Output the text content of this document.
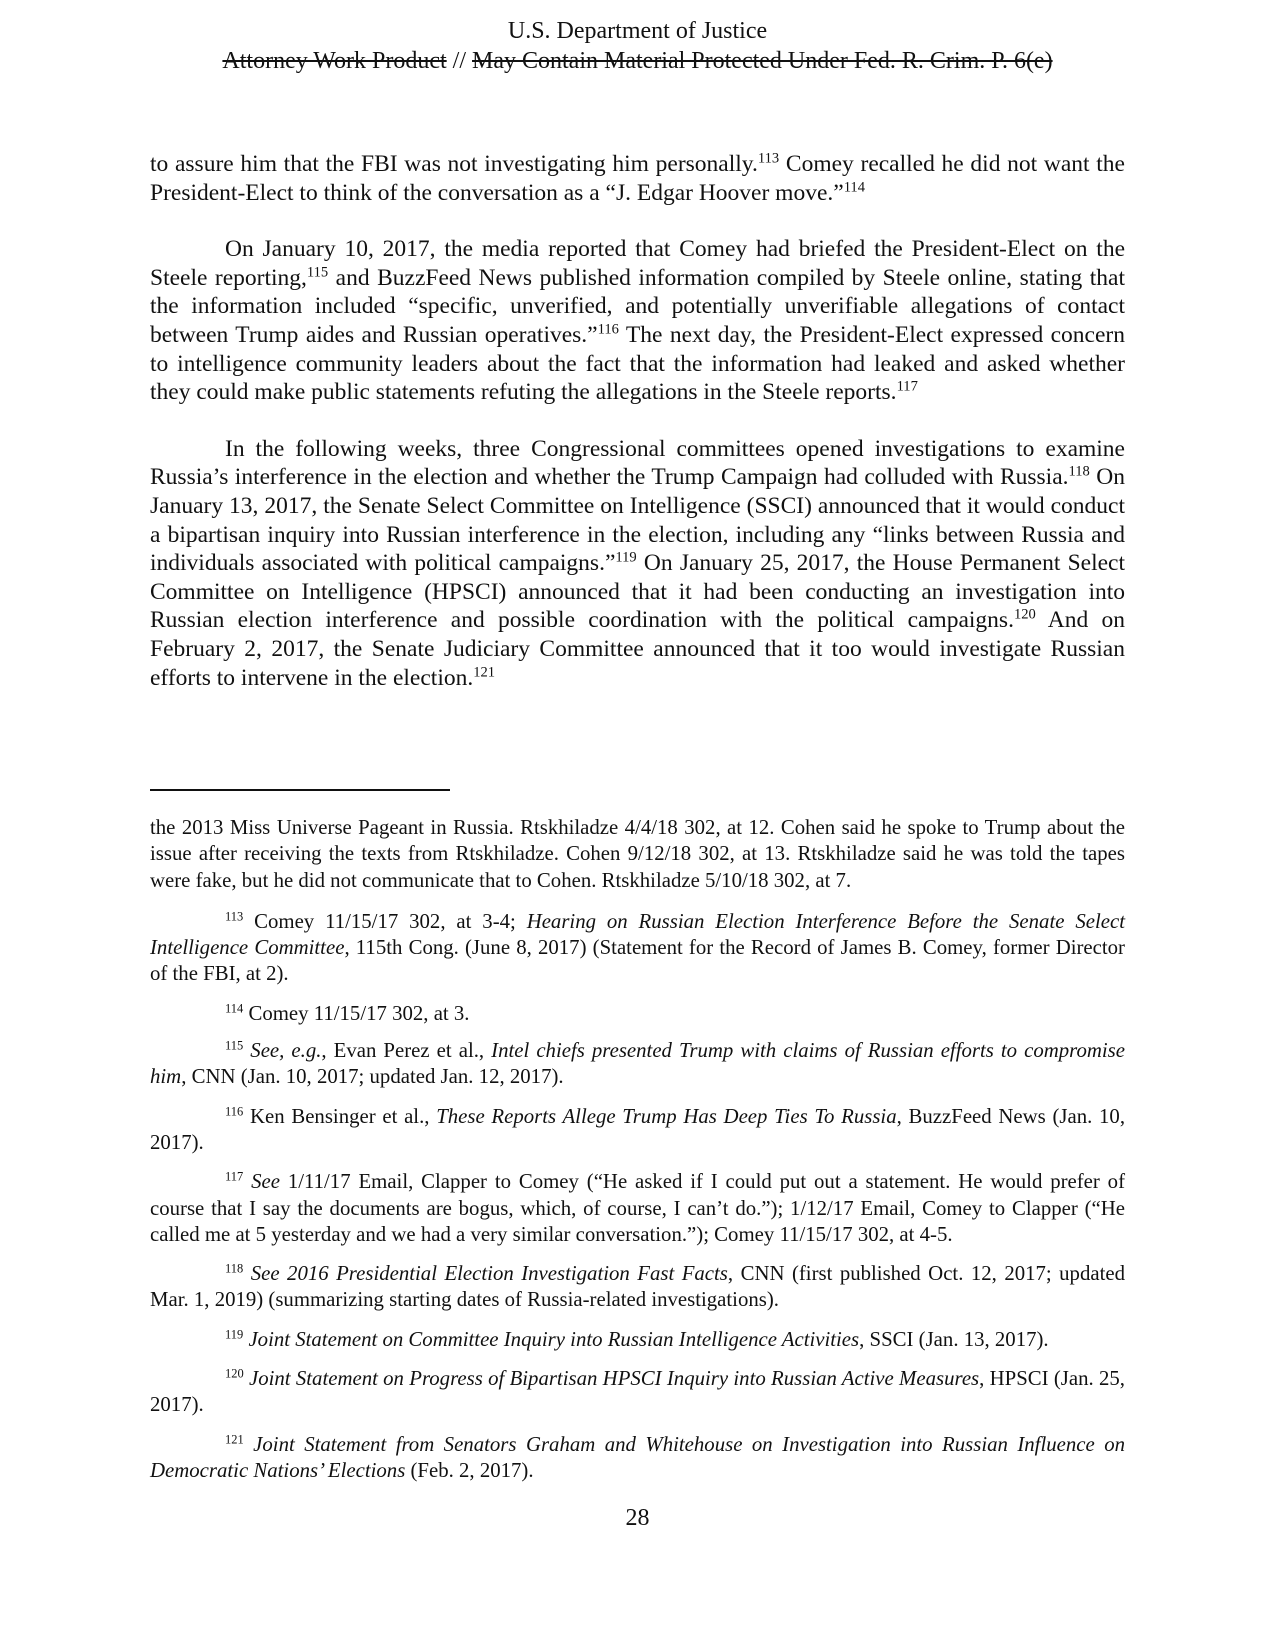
U.S. Department of Justice
Attorney Work Product // May Contain Material Protected Under Fed. R. Crim. P. 6(e)

to assure him that the FBI was not investigating him personally.$^{113}$ Comey recalled he did not want the President-Elect to think of the conversation as a “J. Edgar Hoover move.”$^{114}$

On January 10, 2017, the media reported that Comey had briefed the President-Elect on the Steele reporting,$^{115}$ and BuzzFeed News published information compiled by Steele online, stating that the information included “specific, unverified, and potentially unverifiable allegations of contact between Trump aides and Russian operatives.”$^{116}$ The next day, the President-Elect expressed concern to intelligence community leaders about the fact that the information had leaked and asked whether they could make public statements refuting the allegations in the Steele reports.$^{117}$

In the following weeks, three Congressional committees opened investigations to examine Russia’s interference in the election and whether the Trump Campaign had colluded with Russia.$^{118}$ On January 13, 2017, the Senate Select Committee on Intelligence (SSCI) announced that it would conduct a bipartisan inquiry into Russian interference in the election, including any “links between Russia and individuals associated with political campaigns.”$^{119}$ On January 25, 2017, the House Permanent Select Committee on Intelligence (HPSCI) announced that it had been conducting an investigation into Russian election interference and possible coordination with the political campaigns.$^{120}$ And on February 2, 2017, the Senate Judiciary Committee announced that it too would investigate Russian efforts to intervene in the election.$^{121}$

the 2013 Miss Universe Pageant in Russia. Rtskhiladze 4/4/18 302, at 12. Cohen said he spoke to Trump about the issue after receiving the texts from Rtskhiladze. Cohen 9/12/18 302, at 13. Rtskhiladze said he was told the tapes were fake, but he did not communicate that to Cohen. Rtskhiladze 5/10/18 302, at 7.

$^{113}$ Comey 11/15/17 302, at 3-4; Hearing on Russian Election Interference Before the Senate Select Intelligence Committee, 115th Cong. (June 8, 2017) (Statement for the Record of James B. Comey, former Director of the FBI, at 2).

$^{114}$ Comey 11/15/17 302, at 3.

$^{115}$ See, e.g., Evan Perez et al., Intel chiefs presented Trump with claims of Russian efforts to compromise him, CNN (Jan. 10, 2017; updated Jan. 12, 2017).

$^{116}$ Ken Bensinger et al., These Reports Allege Trump Has Deep Ties To Russia, BuzzFeed News (Jan. 10, 2017).

$^{117}$ See 1/11/17 Email, Clapper to Comey (“He asked if I could put out a statement. He would prefer of course that I say the documents are bogus, which, of course, I can’t do.”); 1/12/17 Email, Comey to Clapper (“He called me at 5 yesterday and we had a very similar conversation.”); Comey 11/15/17 302, at 4-5.

$^{118}$ See 2016 Presidential Election Investigation Fast Facts, CNN (first published Oct. 12, 2017; updated Mar. 1, 2019) (summarizing starting dates of Russia-related investigations).

$^{119}$ Joint Statement on Committee Inquiry into Russian Intelligence Activities, SSCI (Jan. 13, 2017).

$^{120}$ Joint Statement on Progress of Bipartisan HPSCI Inquiry into Russian Active Measures, HPSCI (Jan. 25, 2017).

$^{121}$ Joint Statement from Senators Graham and Whitehouse on Investigation into Russian Influence on Democratic Nations’ Elections (Feb. 2, 2017).

28
